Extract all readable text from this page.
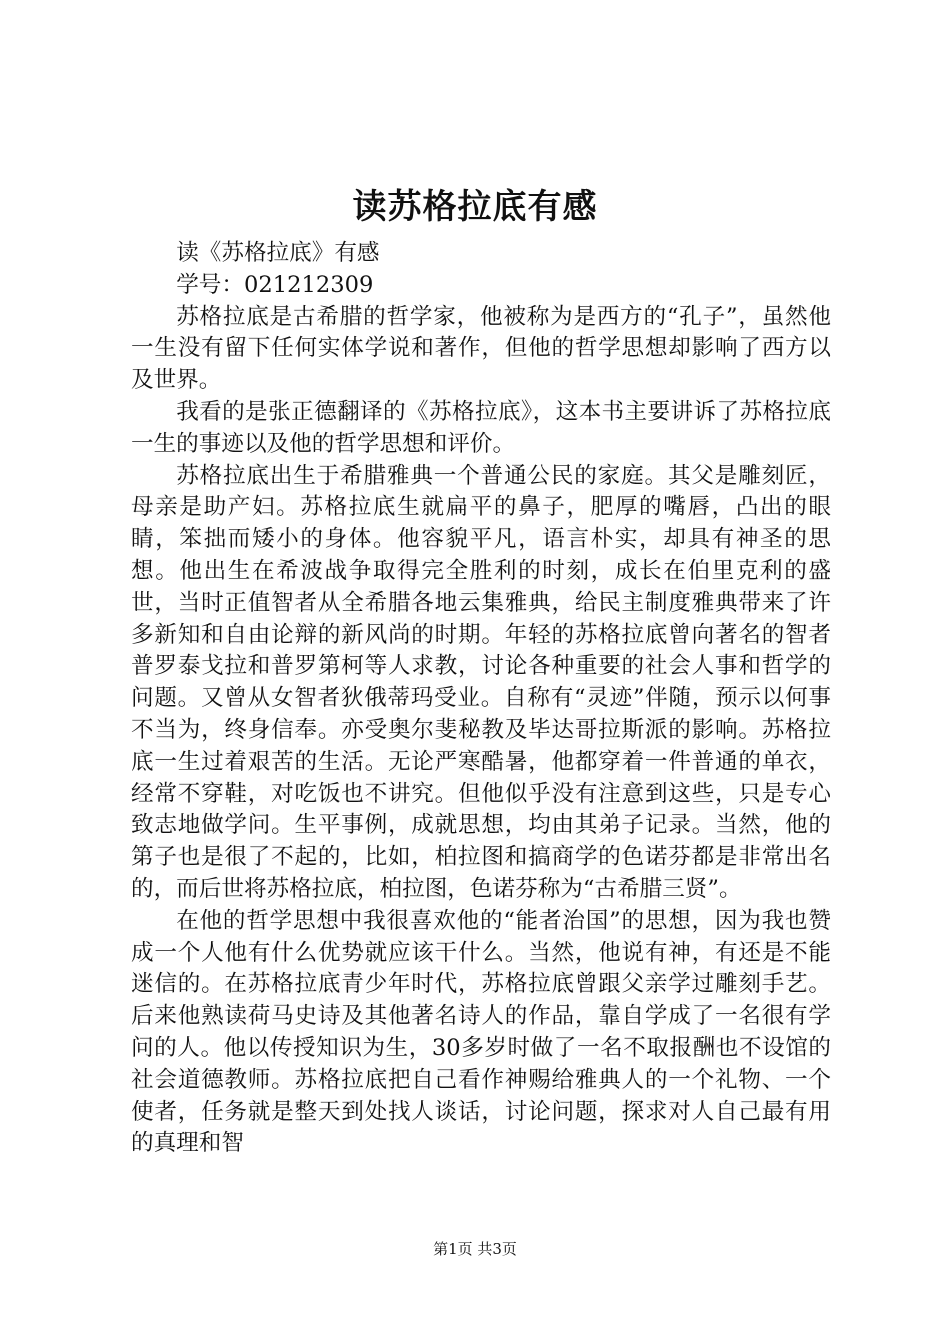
读苏格拉底有感

读《苏格拉底》有感

学号：021212309

苏格拉底是古希腊的哲学家，他被称为是西方的“孔子”，虽然他一生没有留下任何实体学说和著作，但他的哲学思想却影响了西方以及世界。

我看的是张正德翻译的《苏格拉底》，这本书主要讲诉了苏格拉底一生的事迹以及他的哲学思想和评价。

苏格拉底出生于希腊雅典一个普通公民的家庭。其父是雕刻匠，母亲是助产妇。苏格拉底生就扁平的鼻子，肥厚的嘴唇，凸出的眼睛，笨拙而矮小的身体。他容貌平凡，语言朴实，却具有神圣的思想。他出生在希波战争取得完全胜利的时刻，成长在伯里克利的盛世，当时正值智者从全希腊各地云集雅典，给民主制度雅典带来了许多新知和自由论辩的新风尚的时期。年轻的苏格拉底曾向著名的智者普罗泰戈拉和普罗第柯等人求教，讨论各种重要的社会人事和哲学的问题。又曾从女智者狄俄蒂玛受业。自称有“灵迹”伴随，预示以何事不当为，终身信奉。亦受奥尔斐秘教及毕达哥拉斯派的影响。苏格拉底一生过着艰苦的生活。无论严寒酷暑，他都穿着一件普通的单衣，经常不穿鞋，对吃饭也不讲究。但他似乎没有注意到这些，只是专心致志地做学问。生平事例，成就思想，均由其弟子记录。当然，他的第子也是很了不起的，比如，柏拉图和搞商学的色诺芬都是非常出名的，而后世将苏格拉底，柏拉图，色诺芬称为“古希腊三贤”。

在他的哲学思想中我很喜欢他的“能者治国”的思想，因为我也赞成一个人他有什么优势就应该干什么。当然，他说有神，有还是不能迷信的。在苏格拉底青少年时代，苏格拉底曾跟父亲学过雕刻手艺。后来他熟读荷马史诗及其他著名诗人的作品，靠自学成了一名很有学问的人。他以传授知识为生，30多岁时做了一名不取报酬也不设馆的社会道德教师。苏格拉底把自己看作神赐给雅典人的一个礼物、一个使者，任务就是整天到处找人谈话，讨论问题，探求对人自己最有用的真理和智

第1页 共3页
